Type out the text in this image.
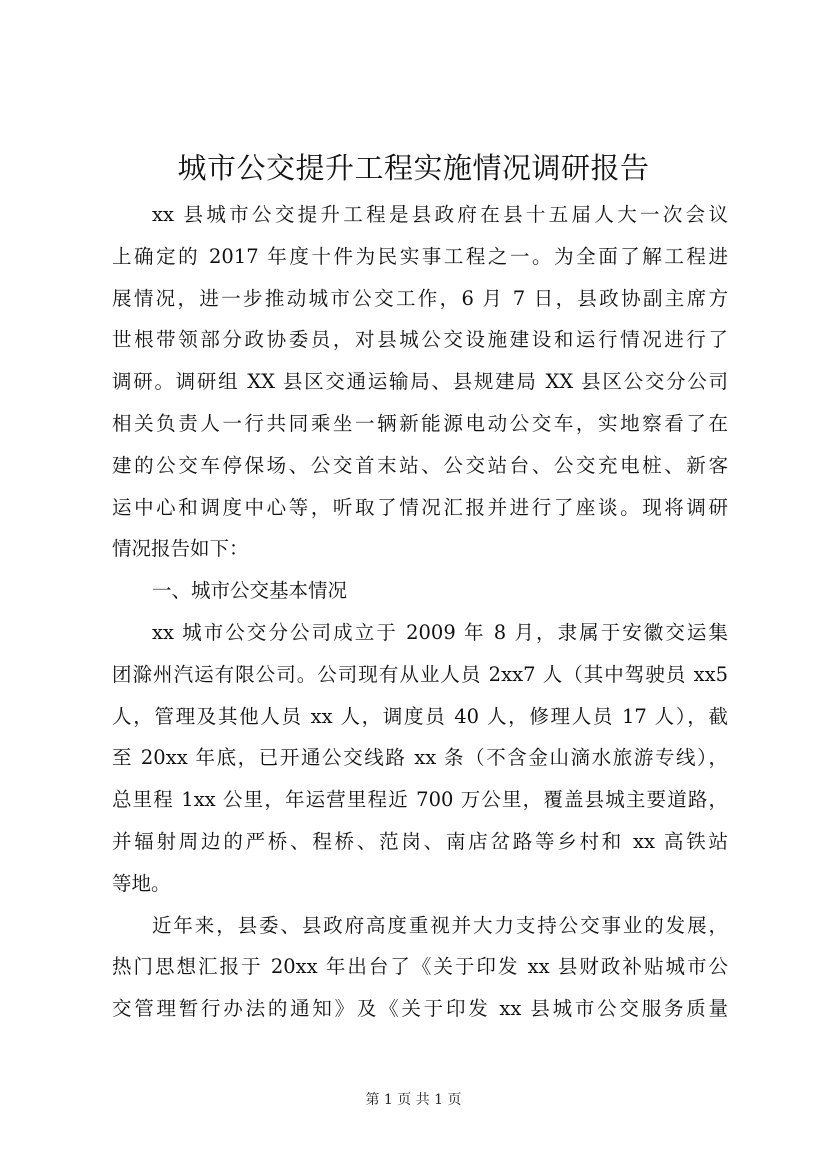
城市公交提升工程实施情况调研报告
xx 县城市公交提升工程是县政府在县十五届人大一次会议
上确定的 2017 年度十件为民实事工程之一。为全面了解工程进
展情况，进一步推动城市公交工作，6 月 7 日，县政协副主席方
世根带领部分政协委员，对县城公交设施建设和运行情况进行了
调研。调研组 XX 县区交通运输局、县规建局 XX 县区公交分公司
相关负责人一行共同乘坐一辆新能源电动公交车，实地察看了在
建的公交车停保场、公交首末站、公交站台、公交充电桩、新客
运中心和调度中心等，听取了情况汇报并进行了座谈。现将调研
情况报告如下：
一、城市公交基本情况
xx 城市公交分公司成立于 2009 年 8 月，隶属于安徽交运集
团滁州汽运有限公司。公司现有从业人员 2xx7 人（其中驾驶员 xx5
人，管理及其他人员 xx 人，调度员 40 人，修理人员 17 人），截
至 20xx 年底，已开通公交线路 xx 条（不含金山滴水旅游专线），
总里程 1xx 公里，年运营里程近 700 万公里，覆盖县城主要道路，
并辐射周边的严桥、程桥、范岗、南店岔路等乡村和 xx 高铁站
等地。
近年来，县委、县政府高度重视并大力支持公交事业的发展，
热门思想汇报于 20xx 年出台了《关于印发 xx 县财政补贴城市公
交管理暂行办法的通知》及《关于印发 xx 县城市公交服务质量
第 1 页 共 1 页
